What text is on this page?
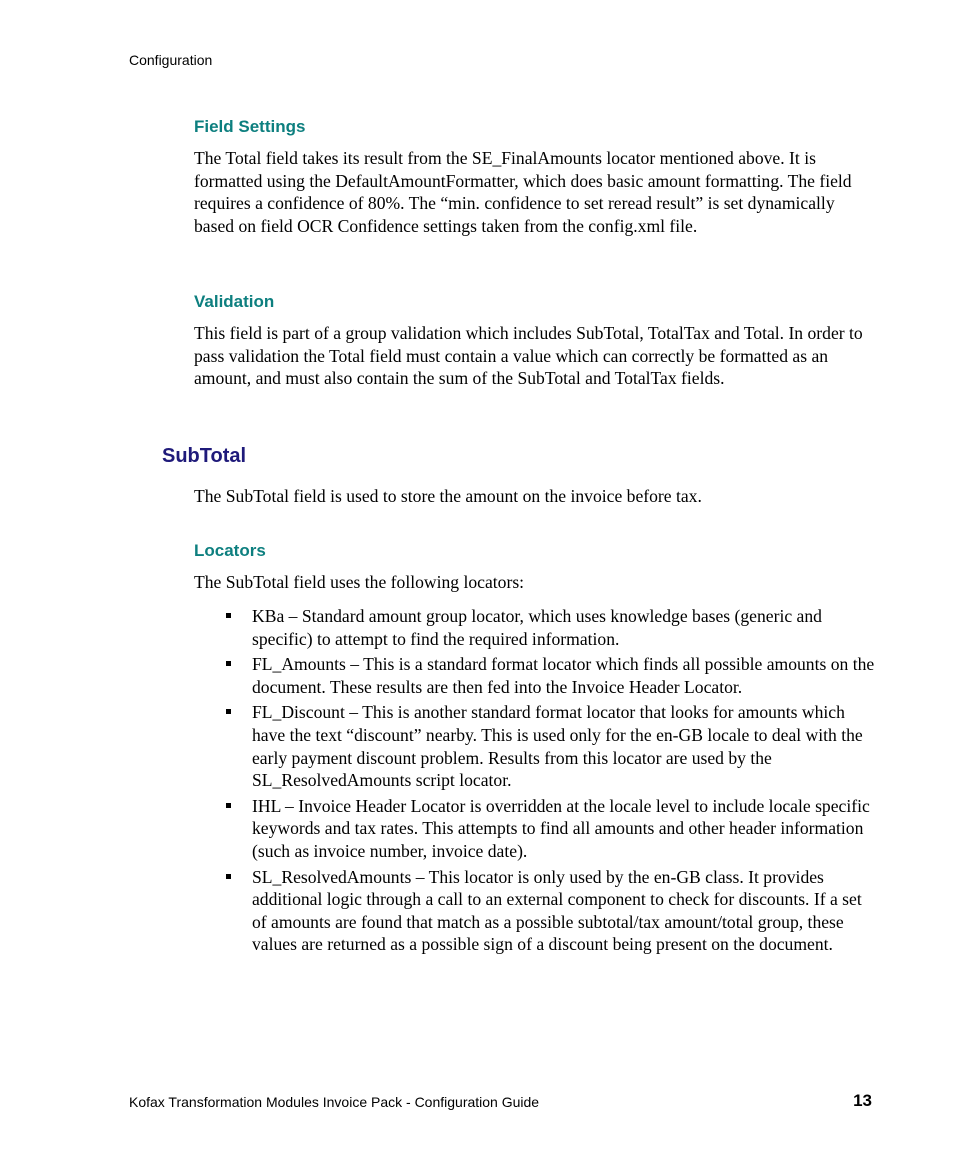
Configuration
Field Settings

The Total field takes its result from the SE_FinalAmounts locator mentioned above. It is formatted using the DefaultAmountFormatter, which does basic amount formatting. The field requires a confidence of 80%. The “min. confidence to set reread result” is set dynamically based on field OCR Confidence settings taken from the config.xml file.

Validation

This field is part of a group validation which includes SubTotal, TotalTax and Total. In order to pass validation the Total field must contain a value which can correctly be formatted as an amount, and must also contain the sum of the SubTotal and TotalTax fields.

SubTotal

The SubTotal field is used to store the amount on the invoice before tax.

Locators

The SubTotal field uses the following locators:

KBa – Standard amount group locator, which uses knowledge bases (generic and specific) to attempt to find the required information.
FL_Amounts – This is a standard format locator which finds all possible amounts on the document. These results are then fed into the Invoice Header Locator.
FL_Discount – This is another standard format locator that looks for amounts which have the text “discount” nearby. This is used only for the en-GB locale to deal with the early payment discount problem. Results from this locator are used by the SL_ResolvedAmounts script locator.
IHL – Invoice Header Locator is overridden at the locale level to include locale specific keywords and tax rates. This attempts to find all amounts and other header information (such as invoice number, invoice date).
SL_ResolvedAmounts – This locator is only used by the en-GB class. It provides additional logic through a call to an external component to check for discounts. If a set of amounts are found that match as a possible subtotal/tax amount/total group, these values are returned as a possible sign of a discount being present on the document.
Kofax Transformation Modules Invoice Pack - Configuration Guide	13
